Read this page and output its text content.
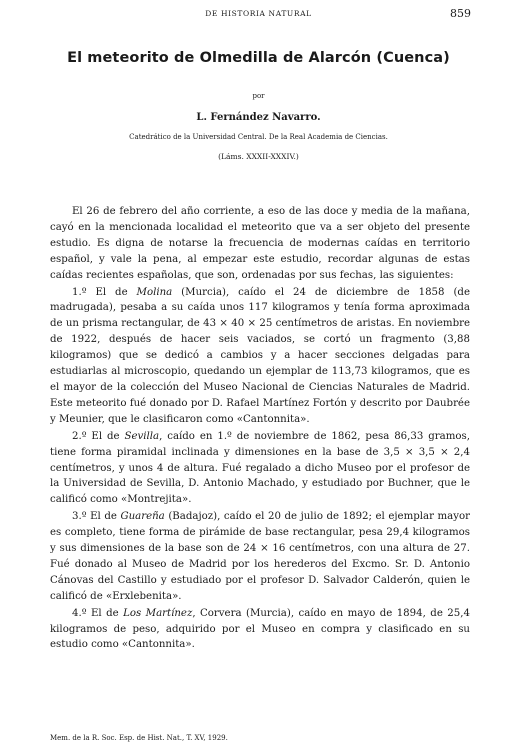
DE HISTORIA NATURAL	859
El meteorito de Olmedilla de Alarcón (Cuenca)
por
L. Fernández Navarro.
Catedrático de la Universidad Central. De la Real Academia de Ciencias.
(Láms. XXXII-XXXIV.)

El 26 de febrero del año corriente, a eso de las doce y media de la mañana, cayó en la mencionada localidad el meteorito que va a ser objeto del presente estudio. Es digna de notarse la frecuencia de modernas caídas en territorio español, y vale la pena, al empezar este estudio, recordar algunas de estas caídas recientes españolas, que son, ordenadas por sus fechas, las siguientes:

1.º El de Molina (Murcia), caído el 24 de diciembre de 1858 (de madrugada), pesaba a su caída unos 117 kilogramos y tenía forma aproximada de un prisma rectangular, de 43 × 40 × 25 centímetros de aristas. En noviembre de 1922, después de hacer seis vaciados, se cortó un fragmento (3,88 kilogramos) que se dedicó a cambios y a hacer secciones delgadas para estudiarlas al microscopio, quedando un ejemplar de 113,73 kilogramos, que es el mayor de la colección del Museo Nacional de Ciencias Naturales de Madrid. Este meteorito fué donado por D. Rafael Martínez Fortón y descrito por Daubrée y Meunier, que le clasificaron como «Cantonnita».

2.º El de Sevilla, caído en 1.º de noviembre de 1862, pesa 86,33 gramos, tiene forma piramidal inclinada y dimensiones en la base de 3,5 × 3,5 × 2,4 centímetros, y unos 4 de altura. Fué regalado a dicho Museo por el profesor de la Universidad de Sevilla, D. Antonio Machado, y estudiado por Buchner, que le calificó como «Montrejita».

3.º El de Guareña (Badajoz), caído el 20 de julio de 1892; el ejemplar mayor es completo, tiene forma de pirámide de base rectangular, pesa 29,4 kilogramos y sus dimensiones de la base son de 24 × 16 centímetros, con una altura de 27. Fué donado al Museo de Madrid por los herederos del Excmo. Sr. D. Antonio Cánovas del Castillo y estudiado por el profesor D. Salvador Calderón, quien le calificó de «Erxlebenita».

4.º El de Los Martínez, Corvera (Murcia), caído en mayo de 1894, de 25,4 kilogramos de peso, adquirido por el Museo en compra y clasificado en su estudio como «Cantonnita».

Mem. de la R. Soc. Esp. de Hist. Nat., T. XV, 1929.
